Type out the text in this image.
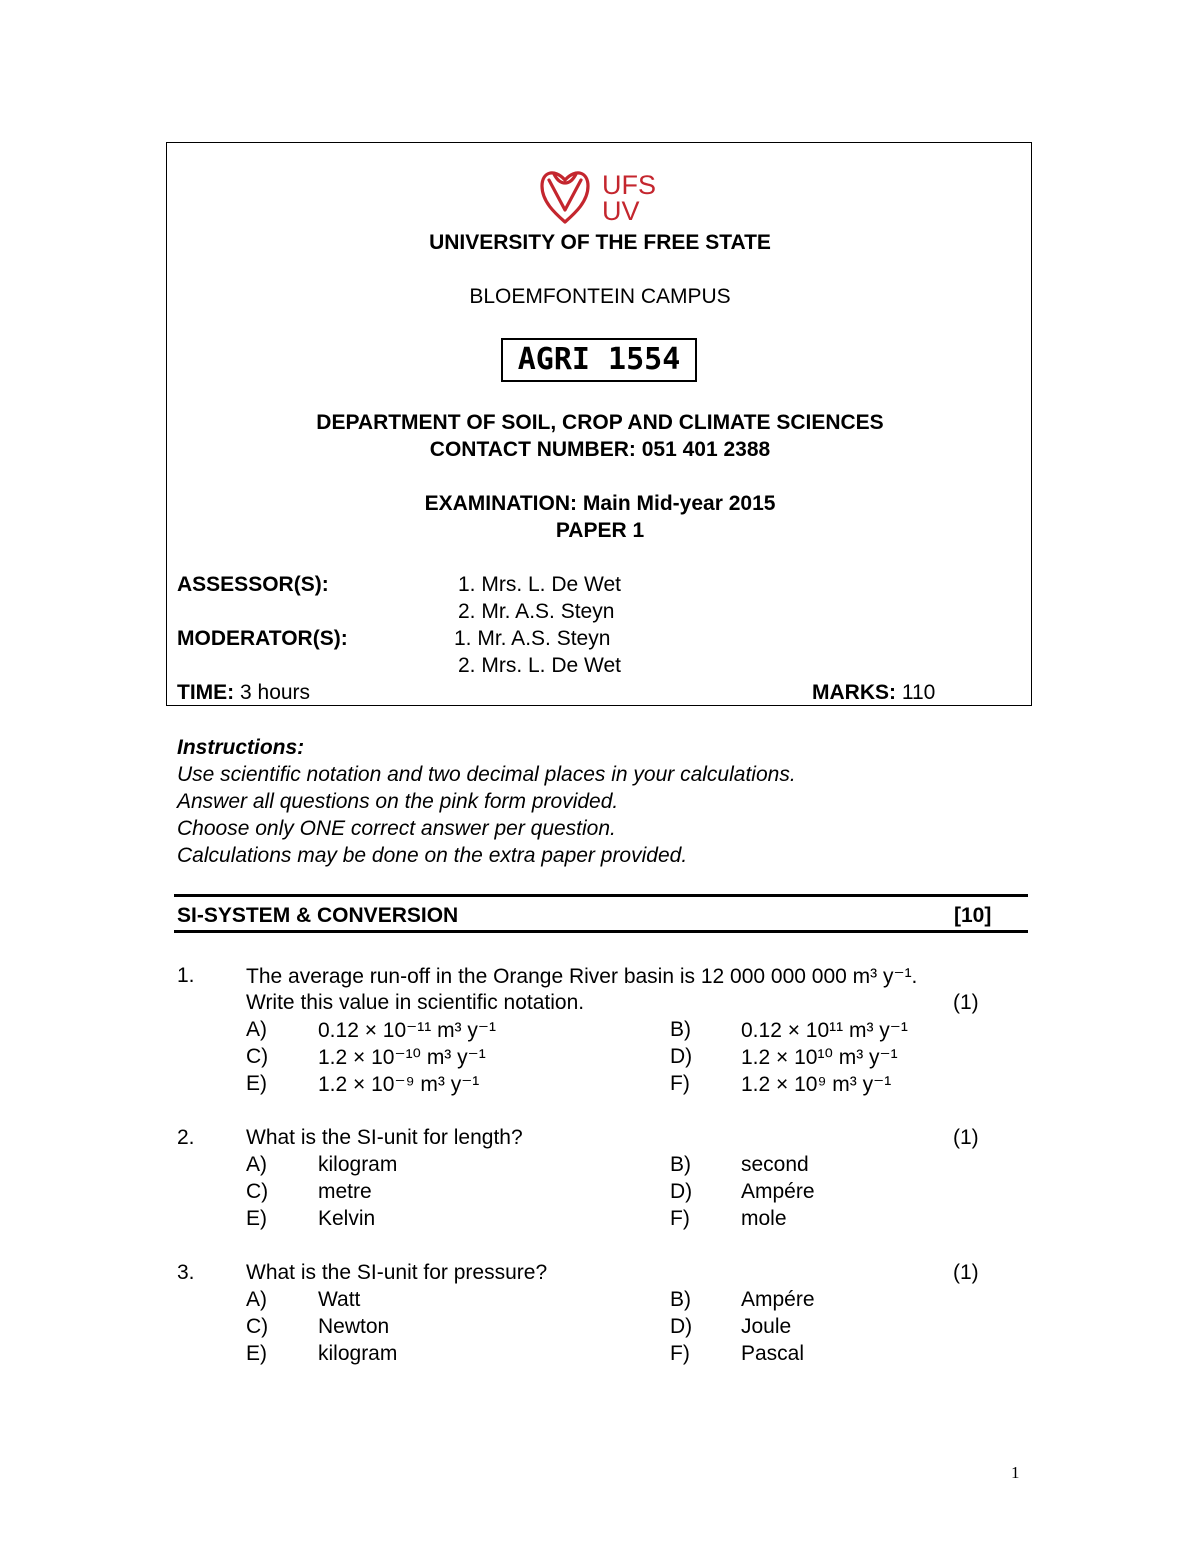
UFS
UV
UNIVERSITY OF THE FREE STATE
BLOEMFONTEIN CAMPUS
AGRI 1554
DEPARTMENT OF SOIL, CROP AND CLIMATE SCIENCES
CONTACT NUMBER: 051 401 2388
EXAMINATION: Main Mid-year 2015
PAPER 1
ASSESSOR(S):	1. Mrs. L. De Wet
2. Mr. A.S. Steyn
MODERATOR(S):	1. Mr. A.S. Steyn
2. Mrs. L. De Wet
TIME: 3 hours	MARKS: 110
Instructions:
Use scientific notation and two decimal places in your calculations.
Answer all questions on the pink form provided.
Choose only ONE correct answer per question.
Calculations may be done on the extra paper provided.
SI-SYSTEM & CONVERSION	[10]
1. The average run-off in the Orange River basin is 12 000 000 000 m³ y⁻¹.
Write this value in scientific notation.	(1)
A) 0.12 × 10⁻¹¹ m³ y⁻¹	B) 0.12 × 10¹¹ m³ y⁻¹
C) 1.2 × 10⁻¹⁰ m³ y⁻¹	D) 1.2 × 10¹⁰ m³ y⁻¹
E) 1.2 × 10⁻⁹ m³ y⁻¹	F) 1.2 × 10⁹ m³ y⁻¹
2. What is the SI-unit for length?	(1)
A) kilogram	B) second
C) metre	D) Ampére
E) Kelvin	F) mole
3. What is the SI-unit for pressure?	(1)
A) Watt	B) Ampére
C) Newton	D) Joule
E) kilogram	F) Pascal
1
